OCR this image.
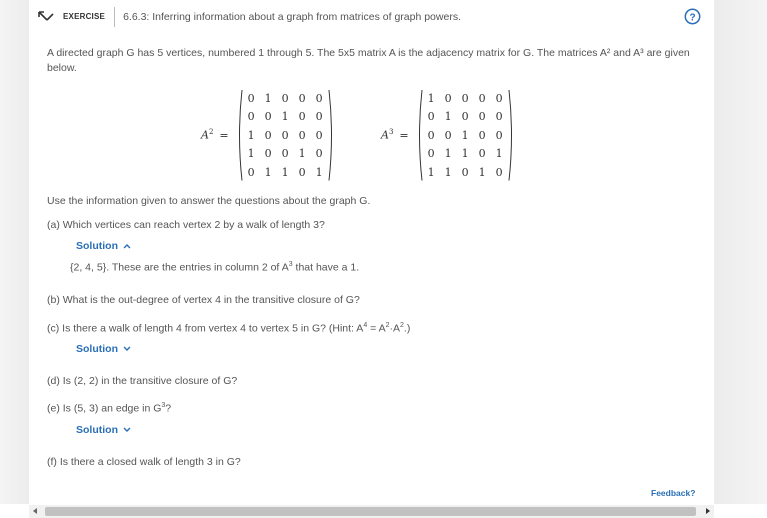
EXERCISE	6.6.3: Inferring information about a graph from matrices of graph powers.	?
A directed graph G has 5 vertices, numbered 1 through 5. The 5x5 matrix A is the adjacency matrix for G. The matrices A² and A³ are given below.
$A^2$ =
0 1 0 0 0
0 0 1 0 0
1 0 0 0 0
1 0 0 1 0
0 1 1 0 1
$A^3$ =
1 0 0 0 0
0 1 0 0 0
0 0 1 0 0
0 1 1 0 1
1 1 0 1 0
Use the information given to answer the questions about the graph G.
(a) Which vertices can reach vertex 2 by a walk of length 3?
Solution
{2, 4, 5}. These are the entries in column 2 of $A^3$ that have a 1.
(b) What is the out-degree of vertex 4 in the transitive closure of G?
(c) Is there a walk of length 4 from vertex 4 to vertex 5 in G? (Hint: $A^4 = A^2\cdot A^2$.)
Solution
(d) Is (2, 2) in the transitive closure of G?
(e) Is (5, 3) an edge in $G^3$?
Solution
(f) Is there a closed walk of length 3 in G?
Feedback?
